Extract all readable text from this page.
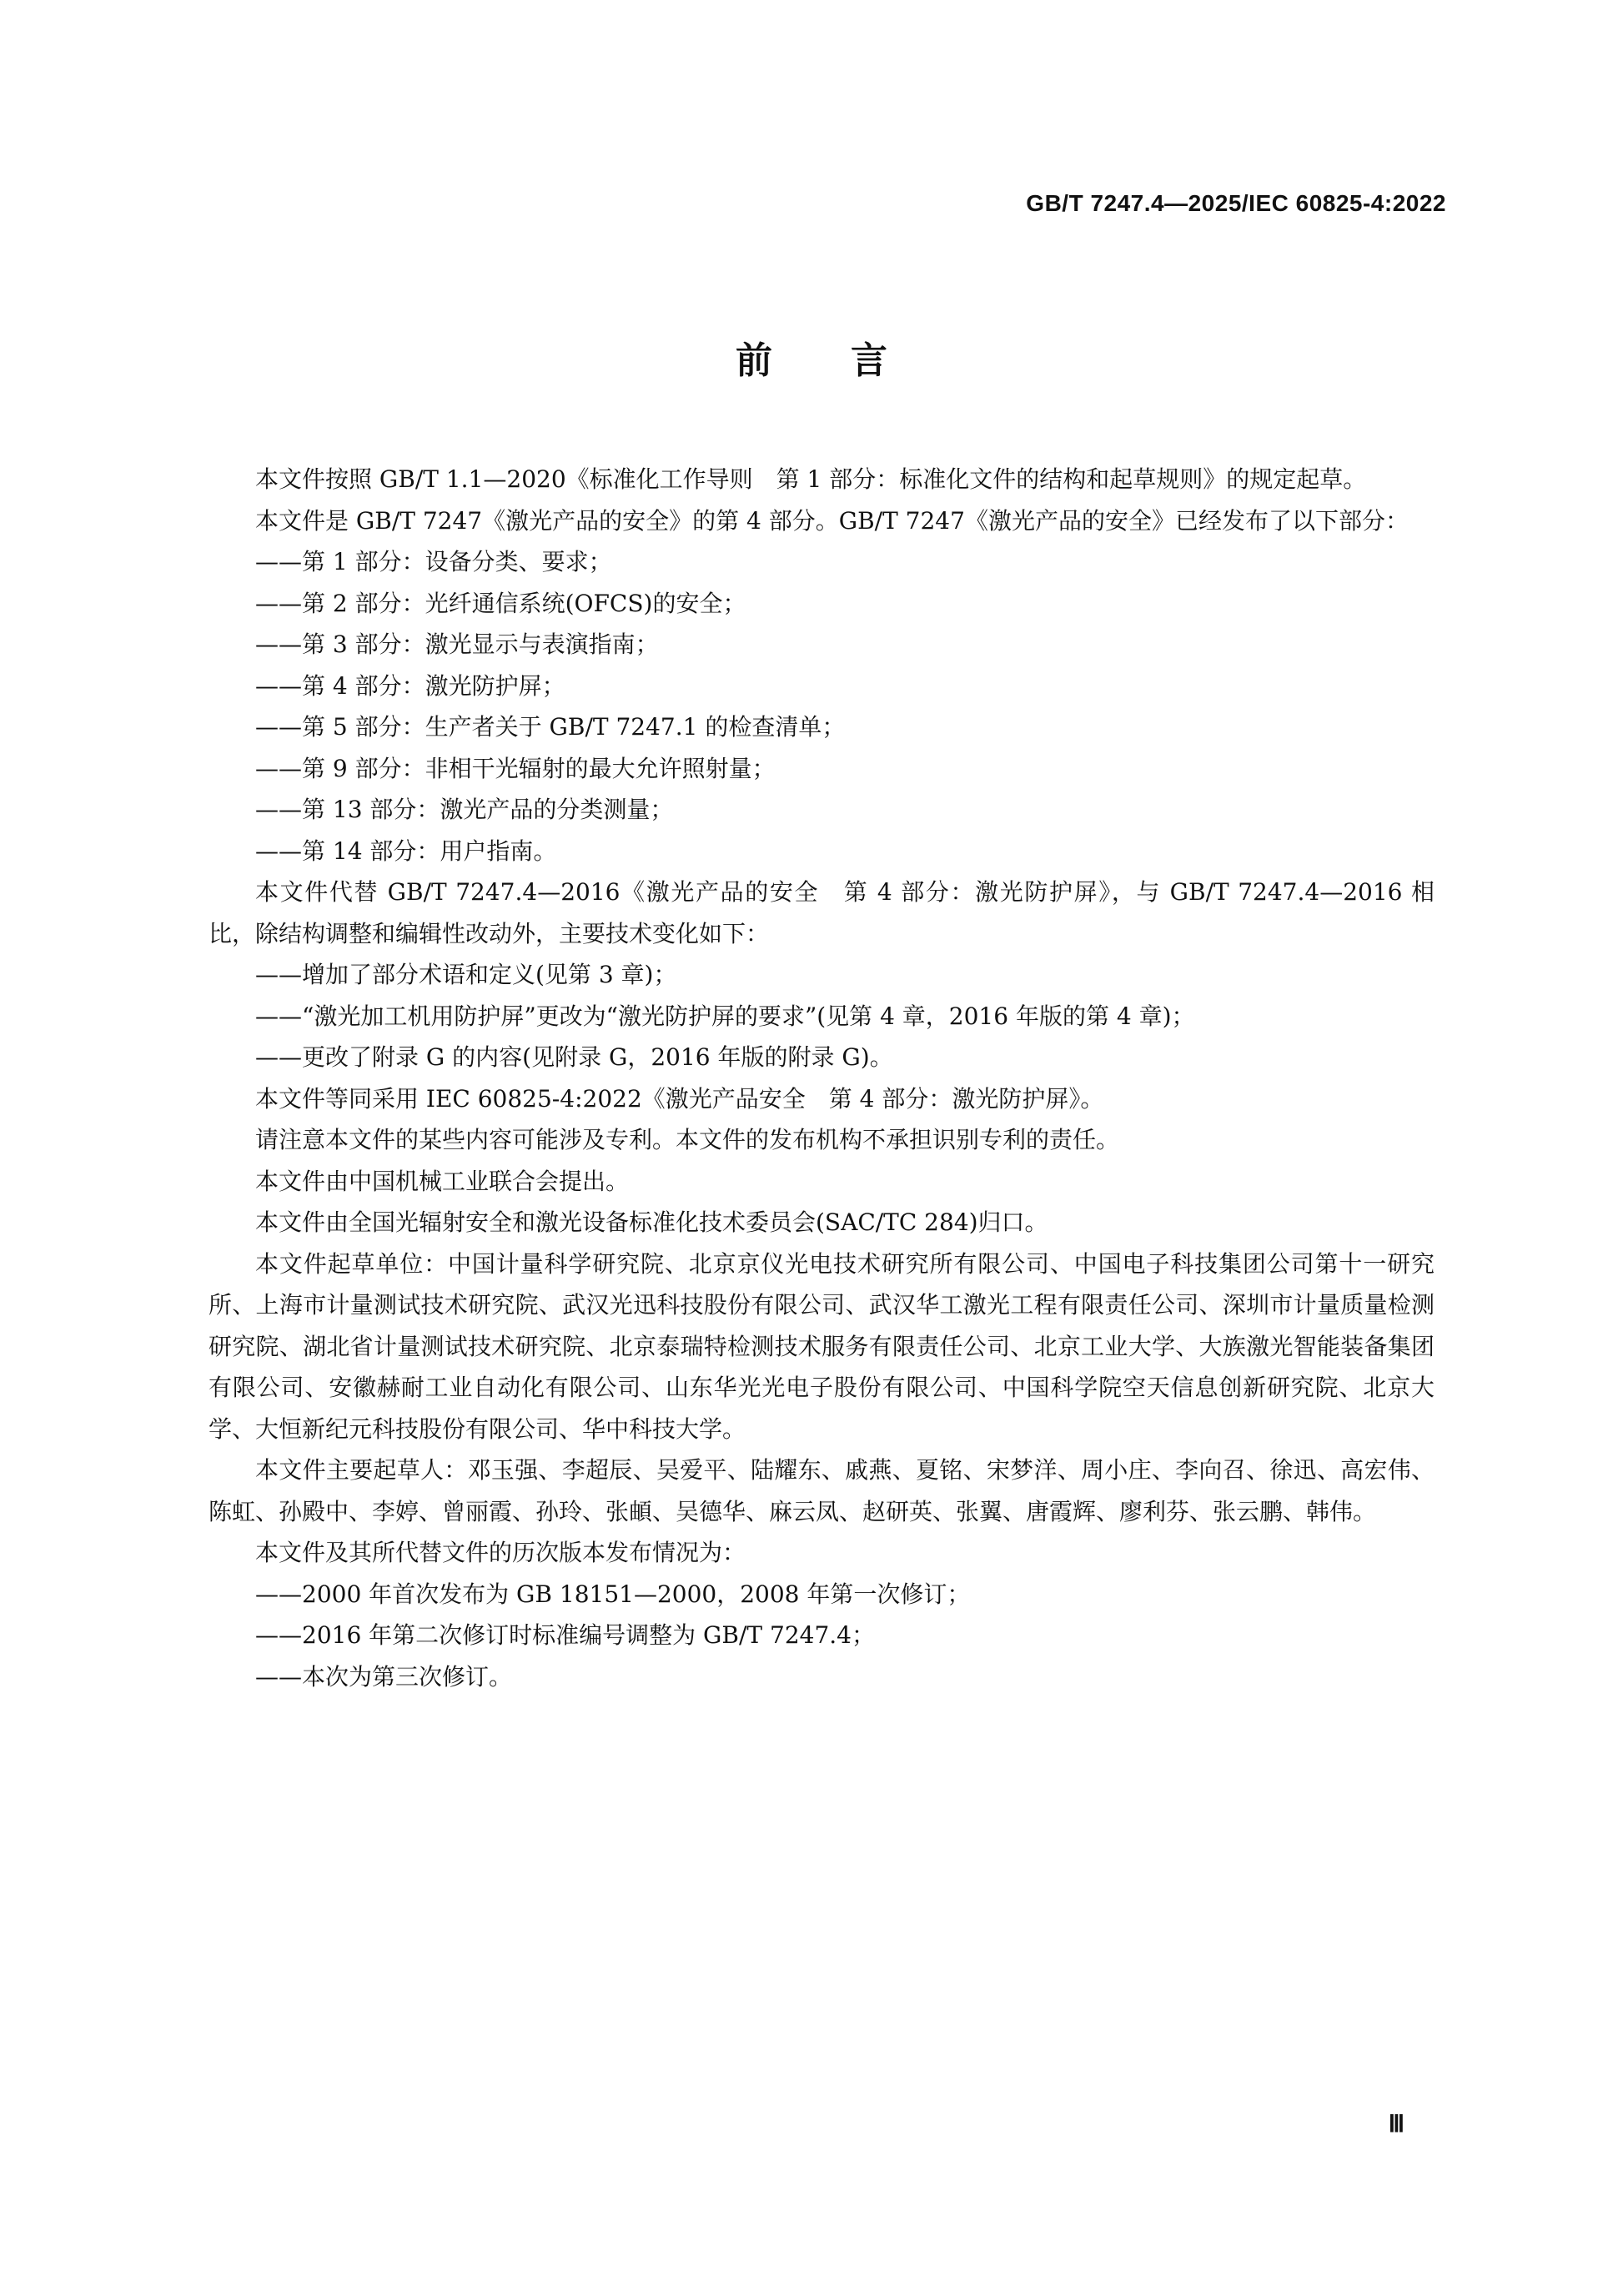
GB/T 7247.4—2025/IEC 60825-4:2022
前 言

本文件按照 GB/T 1.1—2020《标准化工作导则　第 1 部分：标准化文件的结构和起草规则》的规定起草。

本文件是 GB/T 7247《激光产品的安全》的第 4 部分。GB/T 7247《激光产品的安全》已经发布了以下部分：

——第 1 部分：设备分类、要求；

——第 2 部分：光纤通信系统(OFCS)的安全；

——第 3 部分：激光显示与表演指南；

——第 4 部分：激光防护屏；

——第 5 部分：生产者关于 GB/T 7247.1 的检查清单；

——第 9 部分：非相干光辐射的最大允许照射量；

——第 13 部分：激光产品的分类测量；

——第 14 部分：用户指南。

本文件代替 GB/T 7247.4—2016《激光产品的安全　第 4 部分：激光防护屏》，与 GB/T 7247.4—2016 相比，除结构调整和编辑性改动外，主要技术变化如下：

——增加了部分术语和定义(见第 3 章)；

——“激光加工机用防护屏”更改为“激光防护屏的要求”(见第 4 章，2016 年版的第 4 章)；

——更改了附录 G 的内容(见附录 G，2016 年版的附录 G)。

本文件等同采用 IEC 60825-4:2022《激光产品安全　第 4 部分：激光防护屏》。

请注意本文件的某些内容可能涉及专利。本文件的发布机构不承担识别专利的责任。

本文件由中国机械工业联合会提出。

本文件由全国光辐射安全和激光设备标准化技术委员会(SAC/TC 284)归口。

本文件起草单位：中国计量科学研究院、北京京仪光电技术研究所有限公司、中国电子科技集团公司第十一研究所、上海市计量测试技术研究院、武汉光迅科技股份有限公司、武汉华工激光工程有限责任公司、深圳市计量质量检测研究院、湖北省计量测试技术研究院、北京泰瑞特检测技术服务有限责任公司、北京工业大学、大族激光智能装备集团有限公司、安徽赫耐工业自动化有限公司、山东华光光电子股份有限公司、中国科学院空天信息创新研究院、北京大学、大恒新纪元科技股份有限公司、华中科技大学。

本文件主要起草人：邓玉强、李超辰、吴爱平、陆耀东、戚燕、夏铭、宋梦洋、周小庄、李向召、徐迅、高宏伟、陈虹、孙殿中、李婷、曾丽霞、孙玲、张頔、吴德华、麻云凤、赵研英、张翼、唐霞辉、廖利芬、张云鹏、韩伟。

本文件及其所代替文件的历次版本发布情况为：

——2000 年首次发布为 GB 18151—2000，2008 年第一次修订；

——2016 年第二次修订时标准编号调整为 GB/T 7247.4；

——本次为第三次修订。

Ⅲ
